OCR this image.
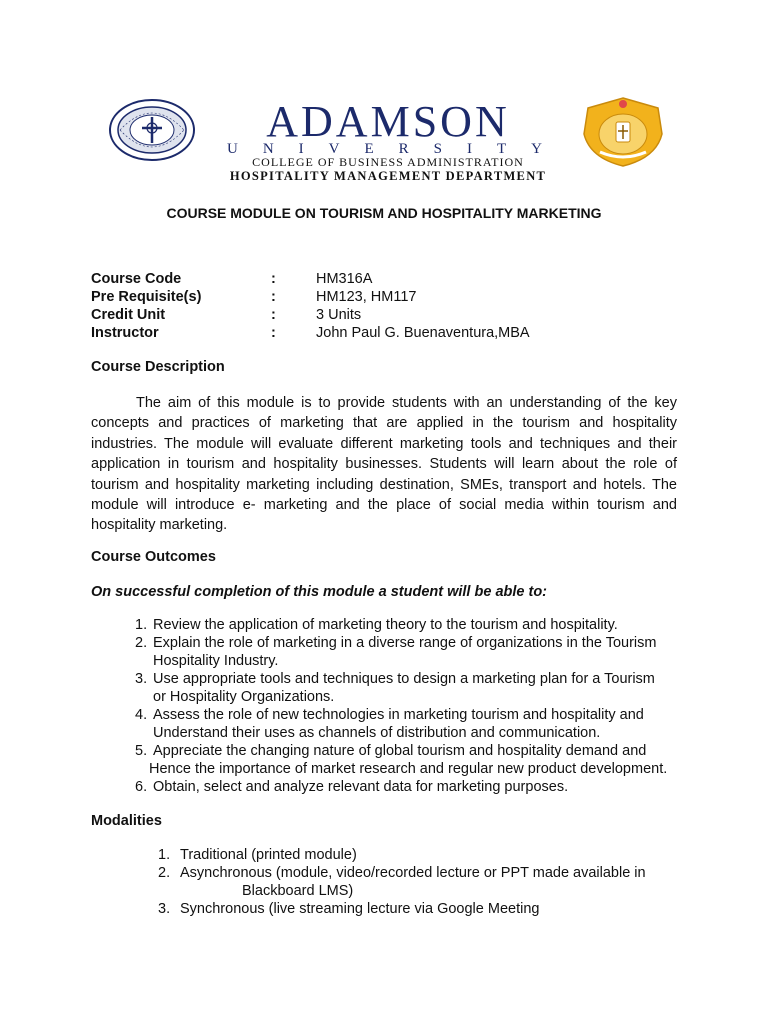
ADAMSON
UNIVERSITY
COLLEGE OF BUSINESS ADMINISTRATION
HOSPITALITY MANAGEMENT DEPARTMENT
COURSE MODULE ON TOURISM AND HOSPITALITY MARKETING
Course Code	:	HM316A
Pre Requisite(s)	:	HM123, HM117
Credit Unit	:	3 Units
Instructor	:	John Paul G. Buenaventura,MBA
Course Description

The aim of this module is to provide students with an understanding of the key concepts and practices of marketing that are applied in the tourism and hospitality industries. The module will evaluate different marketing tools and techniques and their application in tourism and hospitality businesses. Students will learn about the role of tourism and hospitality marketing including destination, SMEs, transport and hotels. The module will introduce e- marketing and the place of social media within tourism and hospitality marketing.

Course Outcomes
On successful completion of this module a student will be able to:
1. Review the application of marketing theory to the tourism and hospitality.
2. Explain the role of marketing in a diverse range of organizations in the Tourism
Hospitality Industry.
3. Use appropriate tools and techniques to design a marketing plan for a Tourism
or Hospitality Organizations.
4. Assess the role of new technologies in marketing tourism and hospitality and
Understand their uses as channels of distribution and communication.
5. Appreciate the changing nature of global tourism and hospitality demand and
Hence the importance of market research and regular new product development.
6. Obtain, select and analyze relevant data for marketing purposes.
Modalities
1. Traditional (printed module)
2. Asynchronous (module, video/recorded lecture or PPT made available in
Blackboard LMS)
3. Synchronous (live streaming lecture via Google Meeting
